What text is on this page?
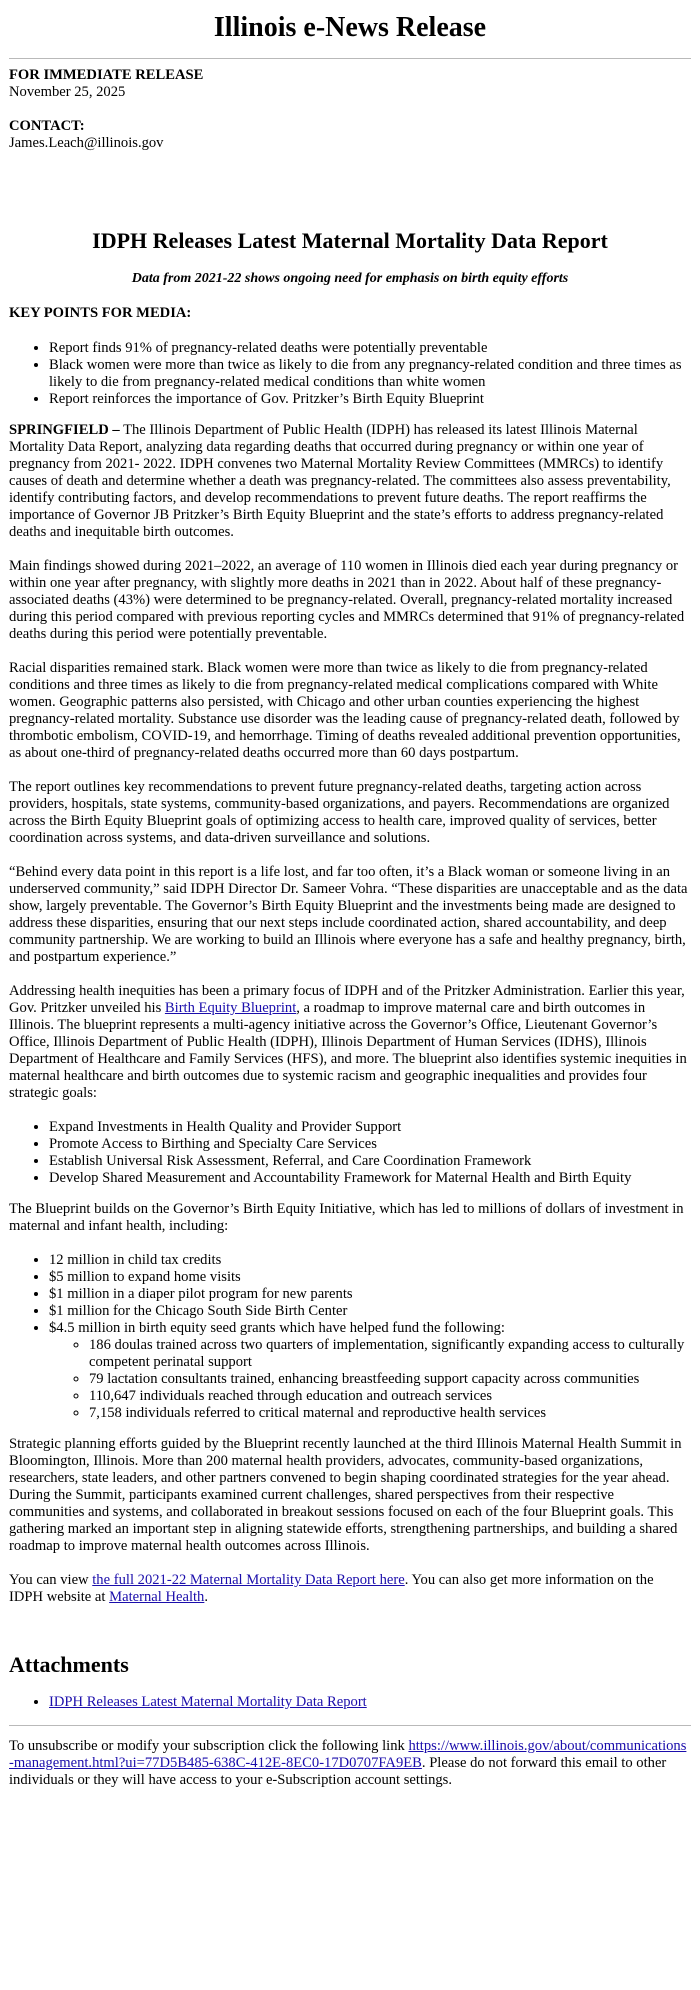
Illinois e-News Release
FOR IMMEDIATE RELEASE
November 25, 2025
CONTACT:
James.Leach@illinois.gov
IDPH Releases Latest Maternal Mortality Data Report
Data from 2021-22 shows ongoing need for emphasis on birth equity efforts
KEY POINTS FOR MEDIA:
• Report finds 91% of pregnancy-related deaths were potentially preventable
• Black women were more than twice as likely to die from any pregnancy-related condition and three times as likely to die from pregnancy-related medical conditions than white women
• Report reinforces the importance of Gov. Pritzker’s Birth Equity Blueprint

SPRINGFIELD – The Illinois Department of Public Health (IDPH) has released its latest Illinois Maternal Mortality Data Report, analyzing data regarding deaths that occurred during pregnancy or within one year of pregnancy from 2021- 2022. IDPH convenes two Maternal Mortality Review Committees (MMRCs) to identify causes of death and determine whether a death was pregnancy-related. The committees also assess preventability, identify contributing factors, and develop recommendations to prevent future deaths. The report reaffirms the importance of Governor JB Pritzker’s Birth Equity Blueprint and the state’s efforts to address pregnancy-related deaths and inequitable birth outcomes.

Main findings showed during 2021–2022, an average of 110 women in Illinois died each year during pregnancy or within one year after pregnancy, with slightly more deaths in 2021 than in 2022. About half of these pregnancy-associated deaths (43%) were determined to be pregnancy-related. Overall, pregnancy-related mortality increased during this period compared with previous reporting cycles and MMRCs determined that 91% of pregnancy-related deaths during this period were potentially preventable.

Racial disparities remained stark. Black women were more than twice as likely to die from pregnancy-related conditions and three times as likely to die from pregnancy-related medical complications compared with White women. Geographic patterns also persisted, with Chicago and other urban counties experiencing the highest pregnancy-related mortality. Substance use disorder was the leading cause of pregnancy-related death, followed by thrombotic embolism, COVID-19, and hemorrhage. Timing of deaths revealed additional prevention opportunities, as about one-third of pregnancy-related deaths occurred more than 60 days postpartum.

The report outlines key recommendations to prevent future pregnancy-related deaths, targeting action across providers, hospitals, state systems, community-based organizations, and payers. Recommendations are organized across the Birth Equity Blueprint goals of optimizing access to health care, improved quality of services, better coordination across systems, and data-driven surveillance and solutions.

“Behind every data point in this report is a life lost, and far too often, it’s a Black woman or someone living in an underserved community,” said IDPH Director Dr. Sameer Vohra. “These disparities are unacceptable and as the data show, largely preventable. The Governor’s Birth Equity Blueprint and the investments being made are designed to address these disparities, ensuring that our next steps include coordinated action, shared accountability, and deep community partnership. We are working to build an Illinois where everyone has a safe and healthy pregnancy, birth, and postpartum experience.”

Addressing health inequities has been a primary focus of IDPH and of the Pritzker Administration. Earlier this year, Gov. Pritzker unveiled his Birth Equity Blueprint, a roadmap to improve maternal care and birth outcomes in Illinois. The blueprint represents a multi-agency initiative across the Governor’s Office, Lieutenant Governor’s Office, Illinois Department of Public Health (IDPH), Illinois Department of Human Services (IDHS), Illinois Department of Healthcare and Family Services (HFS), and more. The blueprint also identifies systemic inequities in maternal healthcare and birth outcomes due to systemic racism and geographic inequalities and provides four strategic goals:

• Expand Investments in Health Quality and Provider Support
• Promote Access to Birthing and Specialty Care Services
• Establish Universal Risk Assessment, Referral, and Care Coordination Framework
• Develop Shared Measurement and Accountability Framework for Maternal Health and Birth Equity

The Blueprint builds on the Governor’s Birth Equity Initiative, which has led to millions of dollars of investment in maternal and infant health, including:

• 12 million in child tax credits
• $5 million to expand home visits
• $1 million in a diaper pilot program for new parents
• $1 million for the Chicago South Side Birth Center
• $4.5 million in birth equity seed grants which have helped fund the following:
◦ 186 doulas trained across two quarters of implementation, significantly expanding access to culturally competent perinatal support
◦ 79 lactation consultants trained, enhancing breastfeeding support capacity across communities
◦ 110,647 individuals reached through education and outreach services
◦ 7,158 individuals referred to critical maternal and reproductive health services

Strategic planning efforts guided by the Blueprint recently launched at the third Illinois Maternal Health Summit in Bloomington, Illinois. More than 200 maternal health providers, advocates, community-based organizations, researchers, state leaders, and other partners convened to begin shaping coordinated strategies for the year ahead. During the Summit, participants examined current challenges, shared perspectives from their respective communities and systems, and collaborated in breakout sessions focused on each of the four Blueprint goals. This gathering marked an important step in aligning statewide efforts, strengthening partnerships, and building a shared roadmap to improve maternal health outcomes across Illinois.

You can view the full 2021-22 Maternal Mortality Data Report here. You can also get more information on the IDPH website at Maternal Health.

Attachments
• IDPH Releases Latest Maternal Mortality Data Report
To unsubscribe or modify your subscription click the following link https://www.illinois.gov/about/communications-management.html?ui=77D5B485-638C-412E-8EC0-17D0707FA9EB. Please do not forward this email to other individuals or they will have access to your e-Subscription account settings.
